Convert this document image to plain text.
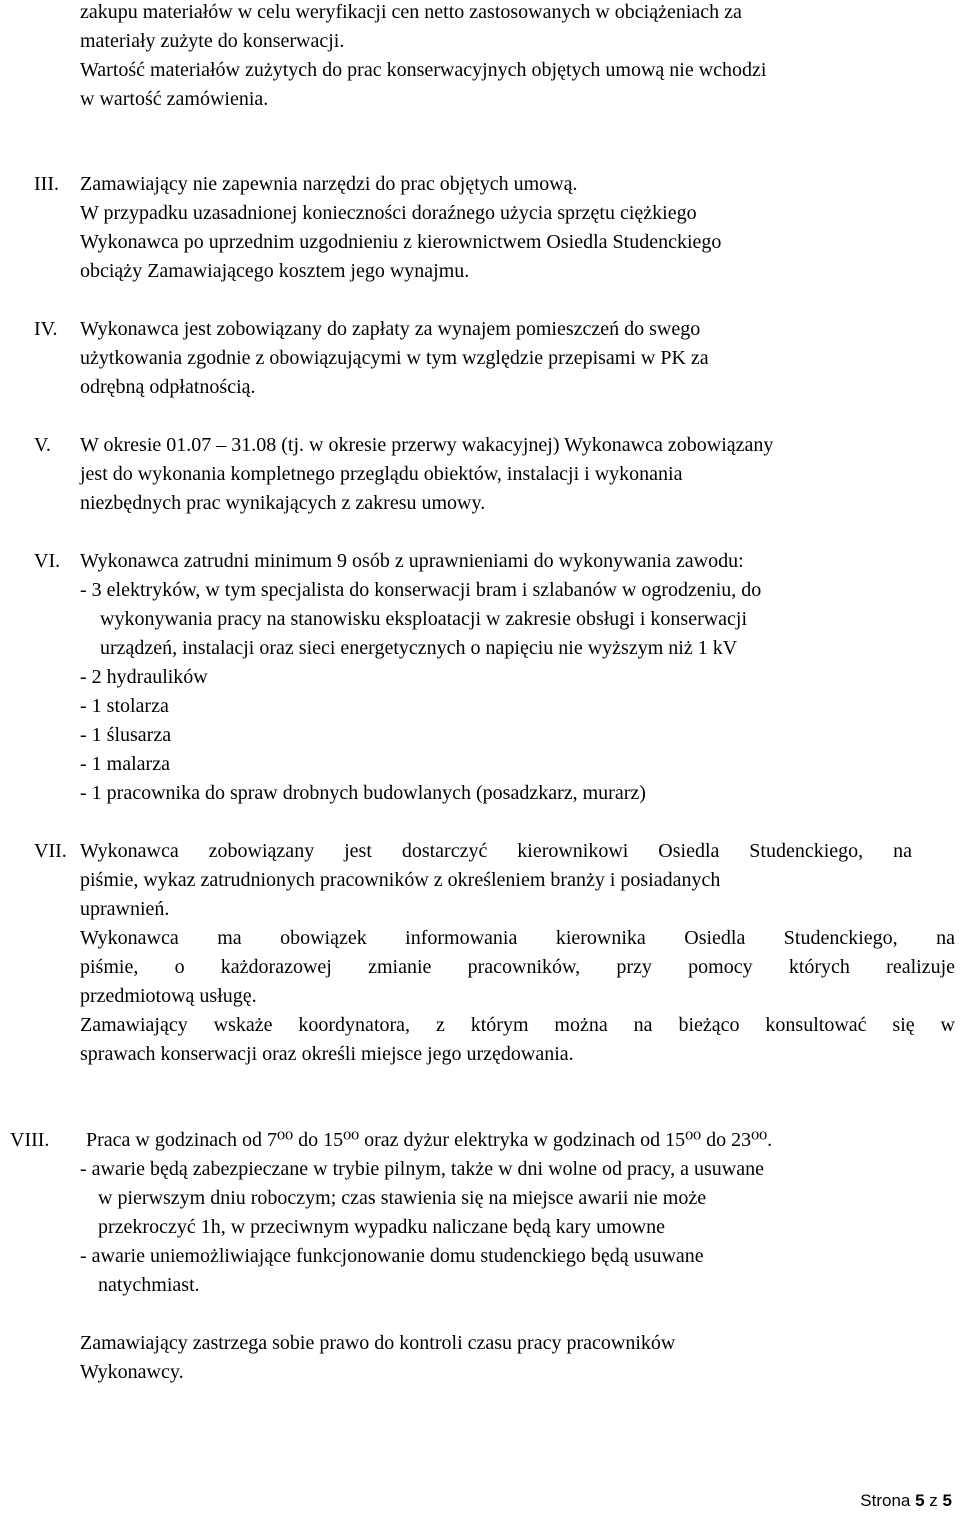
zakupu materiałów w celu weryfikacji cen netto zastosowanych w obciążeniach za
materiały zużyte do konserwacji.
Wartość materiałów zużytych do prac konserwacyjnych objętych umową nie wchodzi
w wartość zamówienia.
III. Zamawiający nie zapewnia narzędzi do prac objętych umową.
W przypadku uzasadnionej konieczności doraźnego użycia sprzętu ciężkiego
Wykonawca po uprzednim uzgodnieniu z kierownictwem Osiedla Studenckiego
obciąży Zamawiającego kosztem jego wynajmu.
IV. Wykonawca jest zobowiązany do zapłaty za wynajem pomieszczeń do swego
użytkowania zgodnie z obowiązującymi w tym względzie przepisami w PK za
odrębną odpłatnością.
V. W okresie 01.07 – 31.08 (tj. w okresie przerwy wakacyjnej) Wykonawca zobowiązany
jest do wykonania kompletnego przeglądu obiektów, instalacji i wykonania
niezbędnych prac wynikających z zakresu umowy.
VI. Wykonawca zatrudni minimum 9 osób z uprawnieniami do wykonywania zawodu:
- 3 elektryków, w tym specjalista do konserwacji bram i szlabanów w ogrodzeniu, do
wykonywania pracy na stanowisku eksploatacji w zakresie obsługi i konserwacji
urządzeń, instalacji oraz sieci energetycznych o napięciu nie wyższym niż 1 kV
- 2 hydraulików
- 1 stolarza
- 1 ślusarza
- 1 malarza
- 1 pracownika do spraw drobnych budowlanych (posadzkarz, murarz)
VII. Wykonawca zobowiązany jest dostarczyć kierownikowi Osiedla Studenckiego, na
piśmie, wykaz zatrudnionych pracowników z określeniem branży i posiadanych
uprawnień.
Wykonawca ma obowiązek informowania kierownika Osiedla Studenckiego, na
piśmie, o każdorazowej zmianie pracowników, przy pomocy których realizuje
przedmiotową usługę.
Zamawiający wskaże koordynatora, z którym można na bieżąco konsultować się w
sprawach konserwacji oraz określi miejsce jego urzędowania.
VIII. Praca w godzinach od 7⁰⁰ do 15⁰⁰ oraz dyżur elektryka w godzinach od 15⁰⁰ do 23⁰⁰.
- awarie będą zabezpieczane w trybie pilnym, także w dni wolne od pracy, a usuwane
w pierwszym dniu roboczym; czas stawienia się na miejsce awarii nie może
przekroczyć 1h, w przeciwnym wypadku naliczane będą kary umowne
- awarie uniemożliwiające funkcjonowanie domu studenckiego będą usuwane
natychmiast.
Zamawiający zastrzega sobie prawo do kontroli czasu pracy pracowników
Wykonawcy.
Strona 5 z 5
